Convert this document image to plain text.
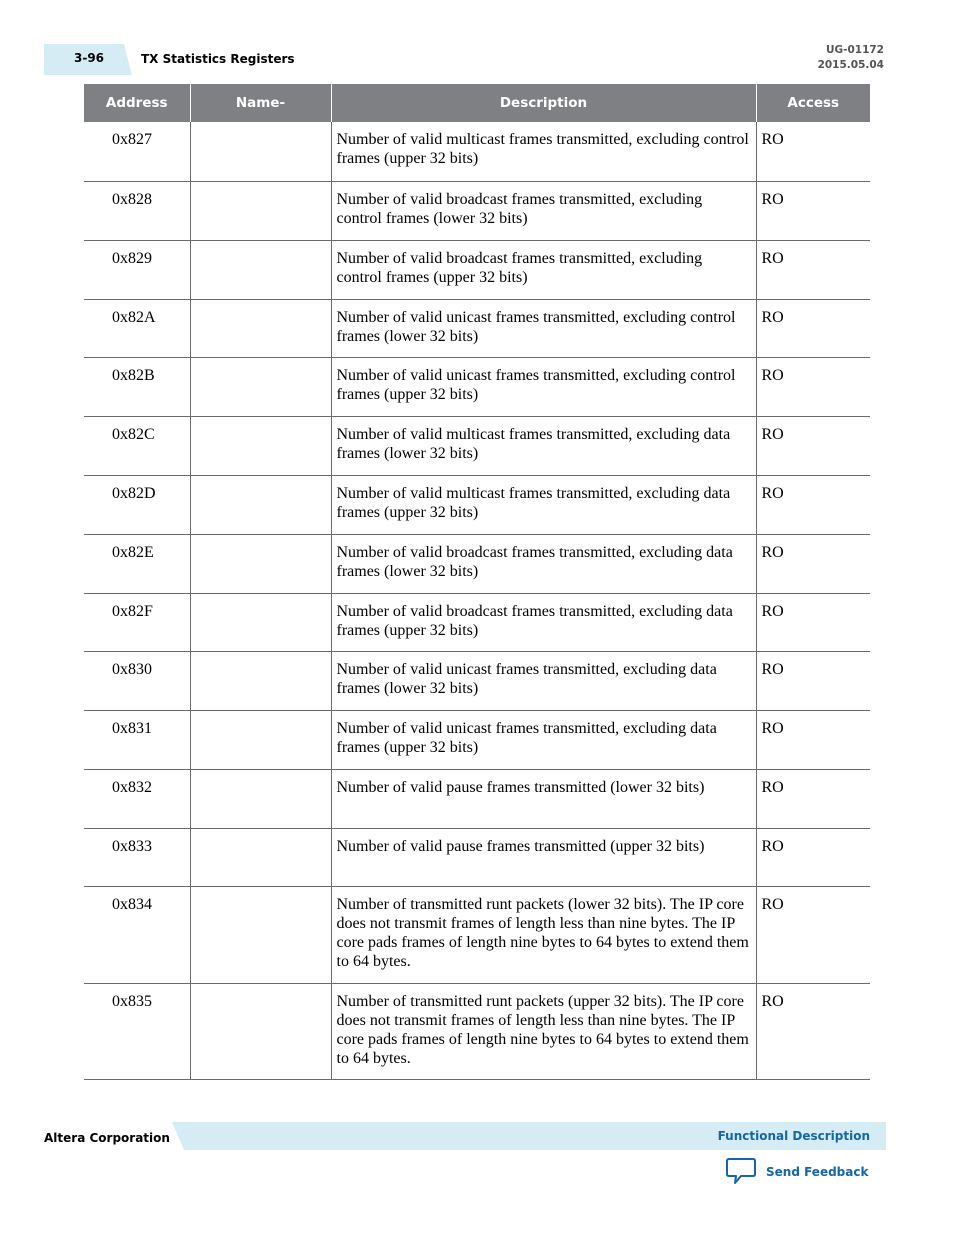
3-96	TX Statistics Registers
UG-01172
2015.05.04
Address	Name-	Description	Access
0x827		Number of valid multicast frames transmitted, excluding control frames (upper 32 bits)	RO
0x828		Number of valid broadcast frames transmitted, excluding control frames (lower 32 bits)	RO
0x829		Number of valid broadcast frames transmitted, excluding control frames (upper 32 bits)	RO
0x82A		Number of valid unicast frames transmitted, excluding control frames (lower 32 bits)	RO
0x82B		Number of valid unicast frames transmitted, excluding control frames (upper 32 bits)	RO
0x82C		Number of valid multicast frames transmitted, excluding data frames (lower 32 bits)	RO
0x82D		Number of valid multicast frames transmitted, excluding data frames (upper 32 bits)	RO
0x82E		Number of valid broadcast frames transmitted, excluding data frames (lower 32 bits)	RO
0x82F		Number of valid broadcast frames transmitted, excluding data frames (upper 32 bits)	RO
0x830		Number of valid unicast frames transmitted, excluding data frames (lower 32 bits)	RO
0x831		Number of valid unicast frames transmitted, excluding data frames (upper 32 bits)	RO
0x832		Number of valid pause frames transmitted (lower 32 bits)	RO
0x833		Number of valid pause frames transmitted (upper 32 bits)	RO
0x834		Number of transmitted runt packets (lower 32 bits). The IP core does not transmit frames of length less than nine bytes. The IP core pads frames of length nine bytes to 64 bytes to extend them to 64 bytes.	RO
0x835		Number of transmitted runt packets (upper 32 bits). The IP core does not transmit frames of length less than nine bytes. The IP core pads frames of length nine bytes to 64 bytes to extend them to 64 bytes.	RO
Altera Corporation	Functional Description
Send Feedback
